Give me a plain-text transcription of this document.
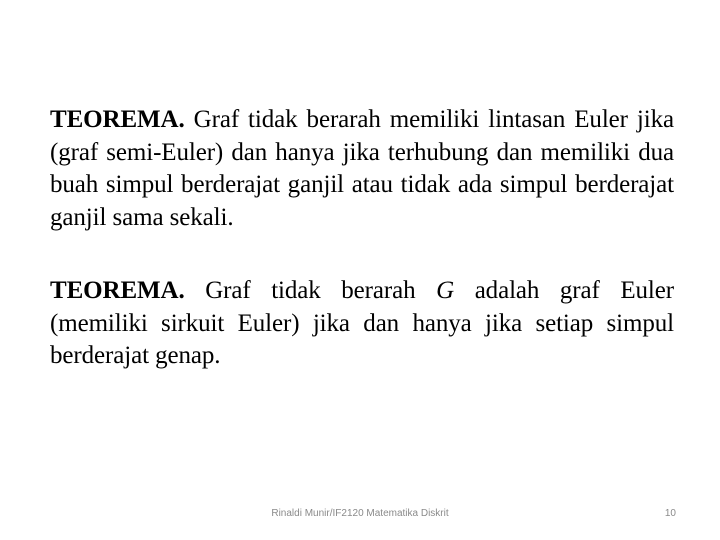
TEOREMA. Graf tidak berarah memiliki lintasan Euler jika (graf semi-Euler) dan hanya jika terhubung dan memiliki dua buah simpul berderajat ganjil atau tidak ada simpul berderajat ganjil sama sekali.

TEOREMA. Graf tidak berarah G adalah graf Euler (memiliki sirkuit Euler) jika dan hanya jika setiap simpul berderajat genap.

Rinaldi Munir/IF2120 Matematika Diskrit	10
